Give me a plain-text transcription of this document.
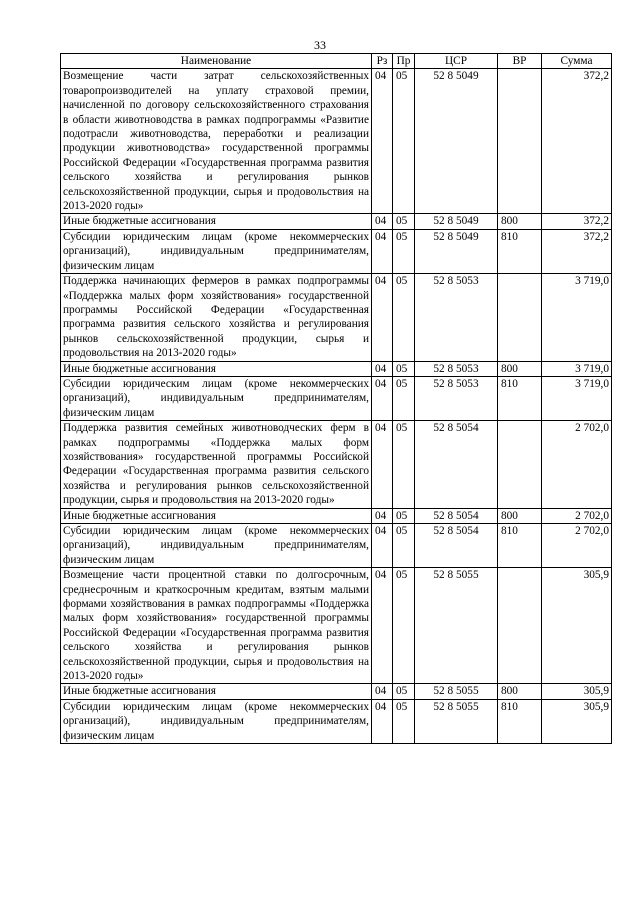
33
Наименование	Рз	Пр	ЦСР	ВР	Сумма
Возмещение части затрат сельскохозяйственных товаропроизводителей на уплату страховой премии, начисленной по договору сельскохозяйственного страхования в области животноводства в рамках подпрограммы «Развитие подотрасли животноводства, переработки и реализации продукции животноводства» государственной программы Российской Федерации «Государственная программа развития сельского хозяйства и регулирования рынков сельскохозяйственной продукции, сырья и продовольствия на 2013-2020 годы»	04	05	52 8 5049		372,2
Иные бюджетные ассигнования	04	05	52 8 5049	800	372,2
Субсидии юридическим лицам (кроме некоммерческих организаций), индивидуальным предпринимателям, физическим лицам	04	05	52 8 5049	810	372,2
Поддержка начинающих фермеров в рамках подпрограммы «Поддержка малых форм хозяйствования» государственной программы Российской Федерации «Государственная программа развития сельского хозяйства и регулирования рынков сельскохозяйственной продукции, сырья и продовольствия на 2013-2020 годы»	04	05	52 8 5053		3 719,0
Иные бюджетные ассигнования	04	05	52 8 5053	800	3 719,0
Субсидии юридическим лицам (кроме некоммерческих организаций), индивидуальным предпринимателям, физическим лицам	04	05	52 8 5053	810	3 719,0
Поддержка развития семейных животноводческих ферм в рамках подпрограммы «Поддержка малых форм хозяйствования» государственной программы Российской Федерации «Государственная программа развития сельского хозяйства и регулирования рынков сельскохозяйственной продукции, сырья и продовольствия на 2013-2020 годы»	04	05	52 8 5054		2 702,0
Иные бюджетные ассигнования	04	05	52 8 5054	800	2 702,0
Субсидии юридическим лицам (кроме некоммерческих организаций), индивидуальным предпринимателям, физическим лицам	04	05	52 8 5054	810	2 702,0
Возмещение части процентной ставки по долгосрочным, среднесрочным и краткосрочным кредитам, взятым малыми формами хозяйствования в рамках подпрограммы «Поддержка малых форм хозяйствования» государственной программы Российской Федерации «Государственная программа развития сельского хозяйства и регулирования рынков сельскохозяйственной продукции, сырья и продовольствия на 2013-2020 годы»	04	05	52 8 5055		305,9
Иные бюджетные ассигнования	04	05	52 8 5055	800	305,9
Субсидии юридическим лицам (кроме некоммерческих организаций), индивидуальным предпринимателям, физическим лицам	04	05	52 8 5055	810	305,9
